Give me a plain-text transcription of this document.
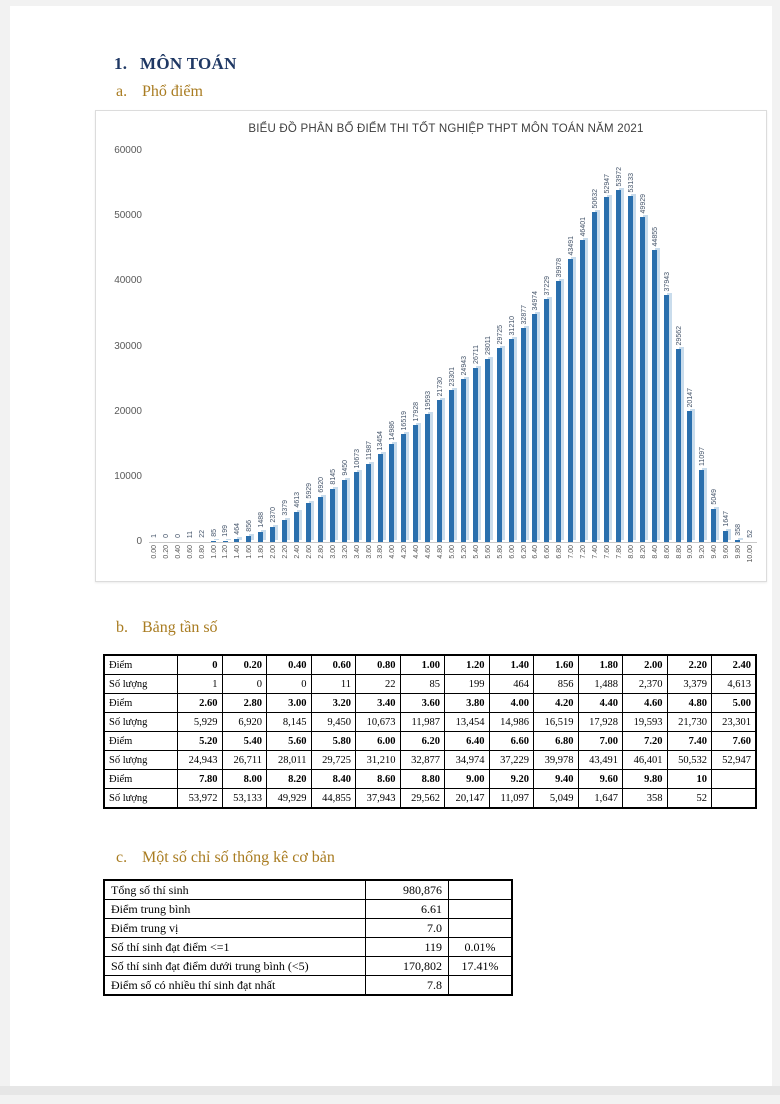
1. MÔN TOÁN
a. Phổ điểm
BIỂU ĐỒ PHÂN BỐ ĐIỂM THI TỐT NGHIỆP THPT MÔN TOÁN NĂM 2021
1 0 0 11 22 85 199 464 856 1488 2370 3379
4613
5929 6920
8145
9450
10673 11987
13454
14986
16519 17928
19593
21730
23301
24943
26711 28011
29725 31210
32877
34974
37229
39978
43491
46401
50632
52947 53972 53133
49929
44855
37943
29562
20147
11097
5049
1647
358 52
0.00 0.20 0.40 0.60 0.80 1.00 1.20 1.40 1.60 1.80 2.00 2.20 2.40 2.60 2.80 3.00 3.20 3.40 3.60 3.80 4.00 4.20 4.40 4.60 4.80 5.00 5.20 5.40 5.60 5.80 6.00 6.20 6.40 6.60 6.80 7.00 7.20 7.40 7.60 7.80 8.00 8.20 8.40 8.60 8.80 9.00 9.20 9.40 9.60 9.80 10.00
0
10000
20000
30000
40000
50000
60000
b. Bảng tần số
Điểm	0	0.20	0.40	0.60	0.80	1.00	1.20	1.40	1.60	1.80	2.00	2.20	2.40
Số lượng	1	0	0	11	22	85	199	464	856	1,488	2,370	3,379	4,613
Điểm	2.60	2.80	3.00	3.20	3.40	3.60	3.80	4.00	4.20	4.40	4.60	4.80	5.00
Số lượng	5,929	6,920	8,145	9,450	10,673	11,987	13,454	14,986	16,519	17,928	19,593	21,730	23,301
Điểm	5.20	5.40	5.60	5.80	6.00	6.20	6.40	6.60	6.80	7.00	7.20	7.40	7.60
Số lượng	24,943	26,711	28,011	29,725	31,210	32,877	34,974	37,229	39,978	43,491	46,401	50,532	52,947
Điểm	7.80	8.00	8.20	8.40	8.60	8.80	9.00	9.20	9.40	9.60	9.80	10	
Số lượng	53,972	53,133	49,929	44,855	37,943	29,562	20,147	11,097	5,049	1,647	358	52	
c. Một số chỉ số thống kê cơ bản
Tổng số thí sinh	980,876	
Điểm trung bình	6.61	
Điểm trung vị	7.0	
Số thí sinh đạt điểm <=1	119	0.01%
Số thí sinh đạt điểm dưới trung bình (<5)	170,802	17.41%
Điểm số có nhiều thí sinh đạt nhất	7.8	
